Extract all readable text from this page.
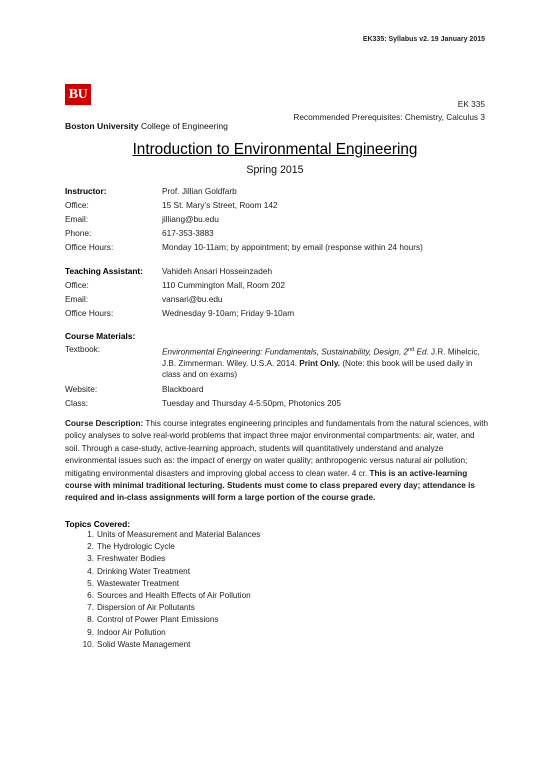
EK335: Syllabus v2. 19 January 2015
BU
Boston University College of Engineering
EK 335
Recommended Prerequisites: Chemistry, Calculus 3
Introduction to Environmental Engineering
Spring 2015
Instructor:	Prof. Jillian Goldfarb
Office:	15 St. Mary’s Street, Room 142
Email:	jilliang@bu.edu
Phone:	617-353-3883
Office Hours:	Monday 10-11am; by appointment; by email (response within 24 hours)
Teaching Assistant: Vahideh Ansari Hosseinzadeh
Office:	110 Cummington Mall, Room 202
Email:	vansari@bu.edu
Office Hours:	Wednesday 9-10am; Friday 9-10am
Course Materials:
Textbook:	Environmental Engineering: Fundamentals, Sustainability, Design, 2nd Ed. J.R. Mihelcic, J.B. Zimmerman. Wiley. U.S.A. 2014. Print Only. (Note: this book will be used daily in class and on exams)
Website:	Blackboard
Class:	Tuesday and Thursday 4-5:50pm, Photonics 205
Course Description: This course integrates engineering principles and fundamentals from the natural sciences, with policy analyses to solve real-world problems that impact three major environmental compartments: air, water, and soil. Through a case-study, active-learning approach, students will quantitatively understand and analyze environmental issues such as: the impact of energy on water quality; anthropogenic versus natural air pollution; mitigating environmental disasters and improving global access to clean water. 4 cr. This is an active-learning course with minimal traditional lecturing. Students must come to class prepared every day; attendance is required and in-class assignments will form a large portion of the course grade.
Topics Covered:
1. Units of Measurement and Material Balances
2. The Hydrologic Cycle
3. Freshwater Bodies
4. Drinking Water Treatment
5. Wastewater Treatment
6. Sources and Health Effects of Air Pollution
7. Dispersion of Air Pollutants
8. Control of Power Plant Emissions
9. Indoor Air Pollution
10. Solid Waste Management
